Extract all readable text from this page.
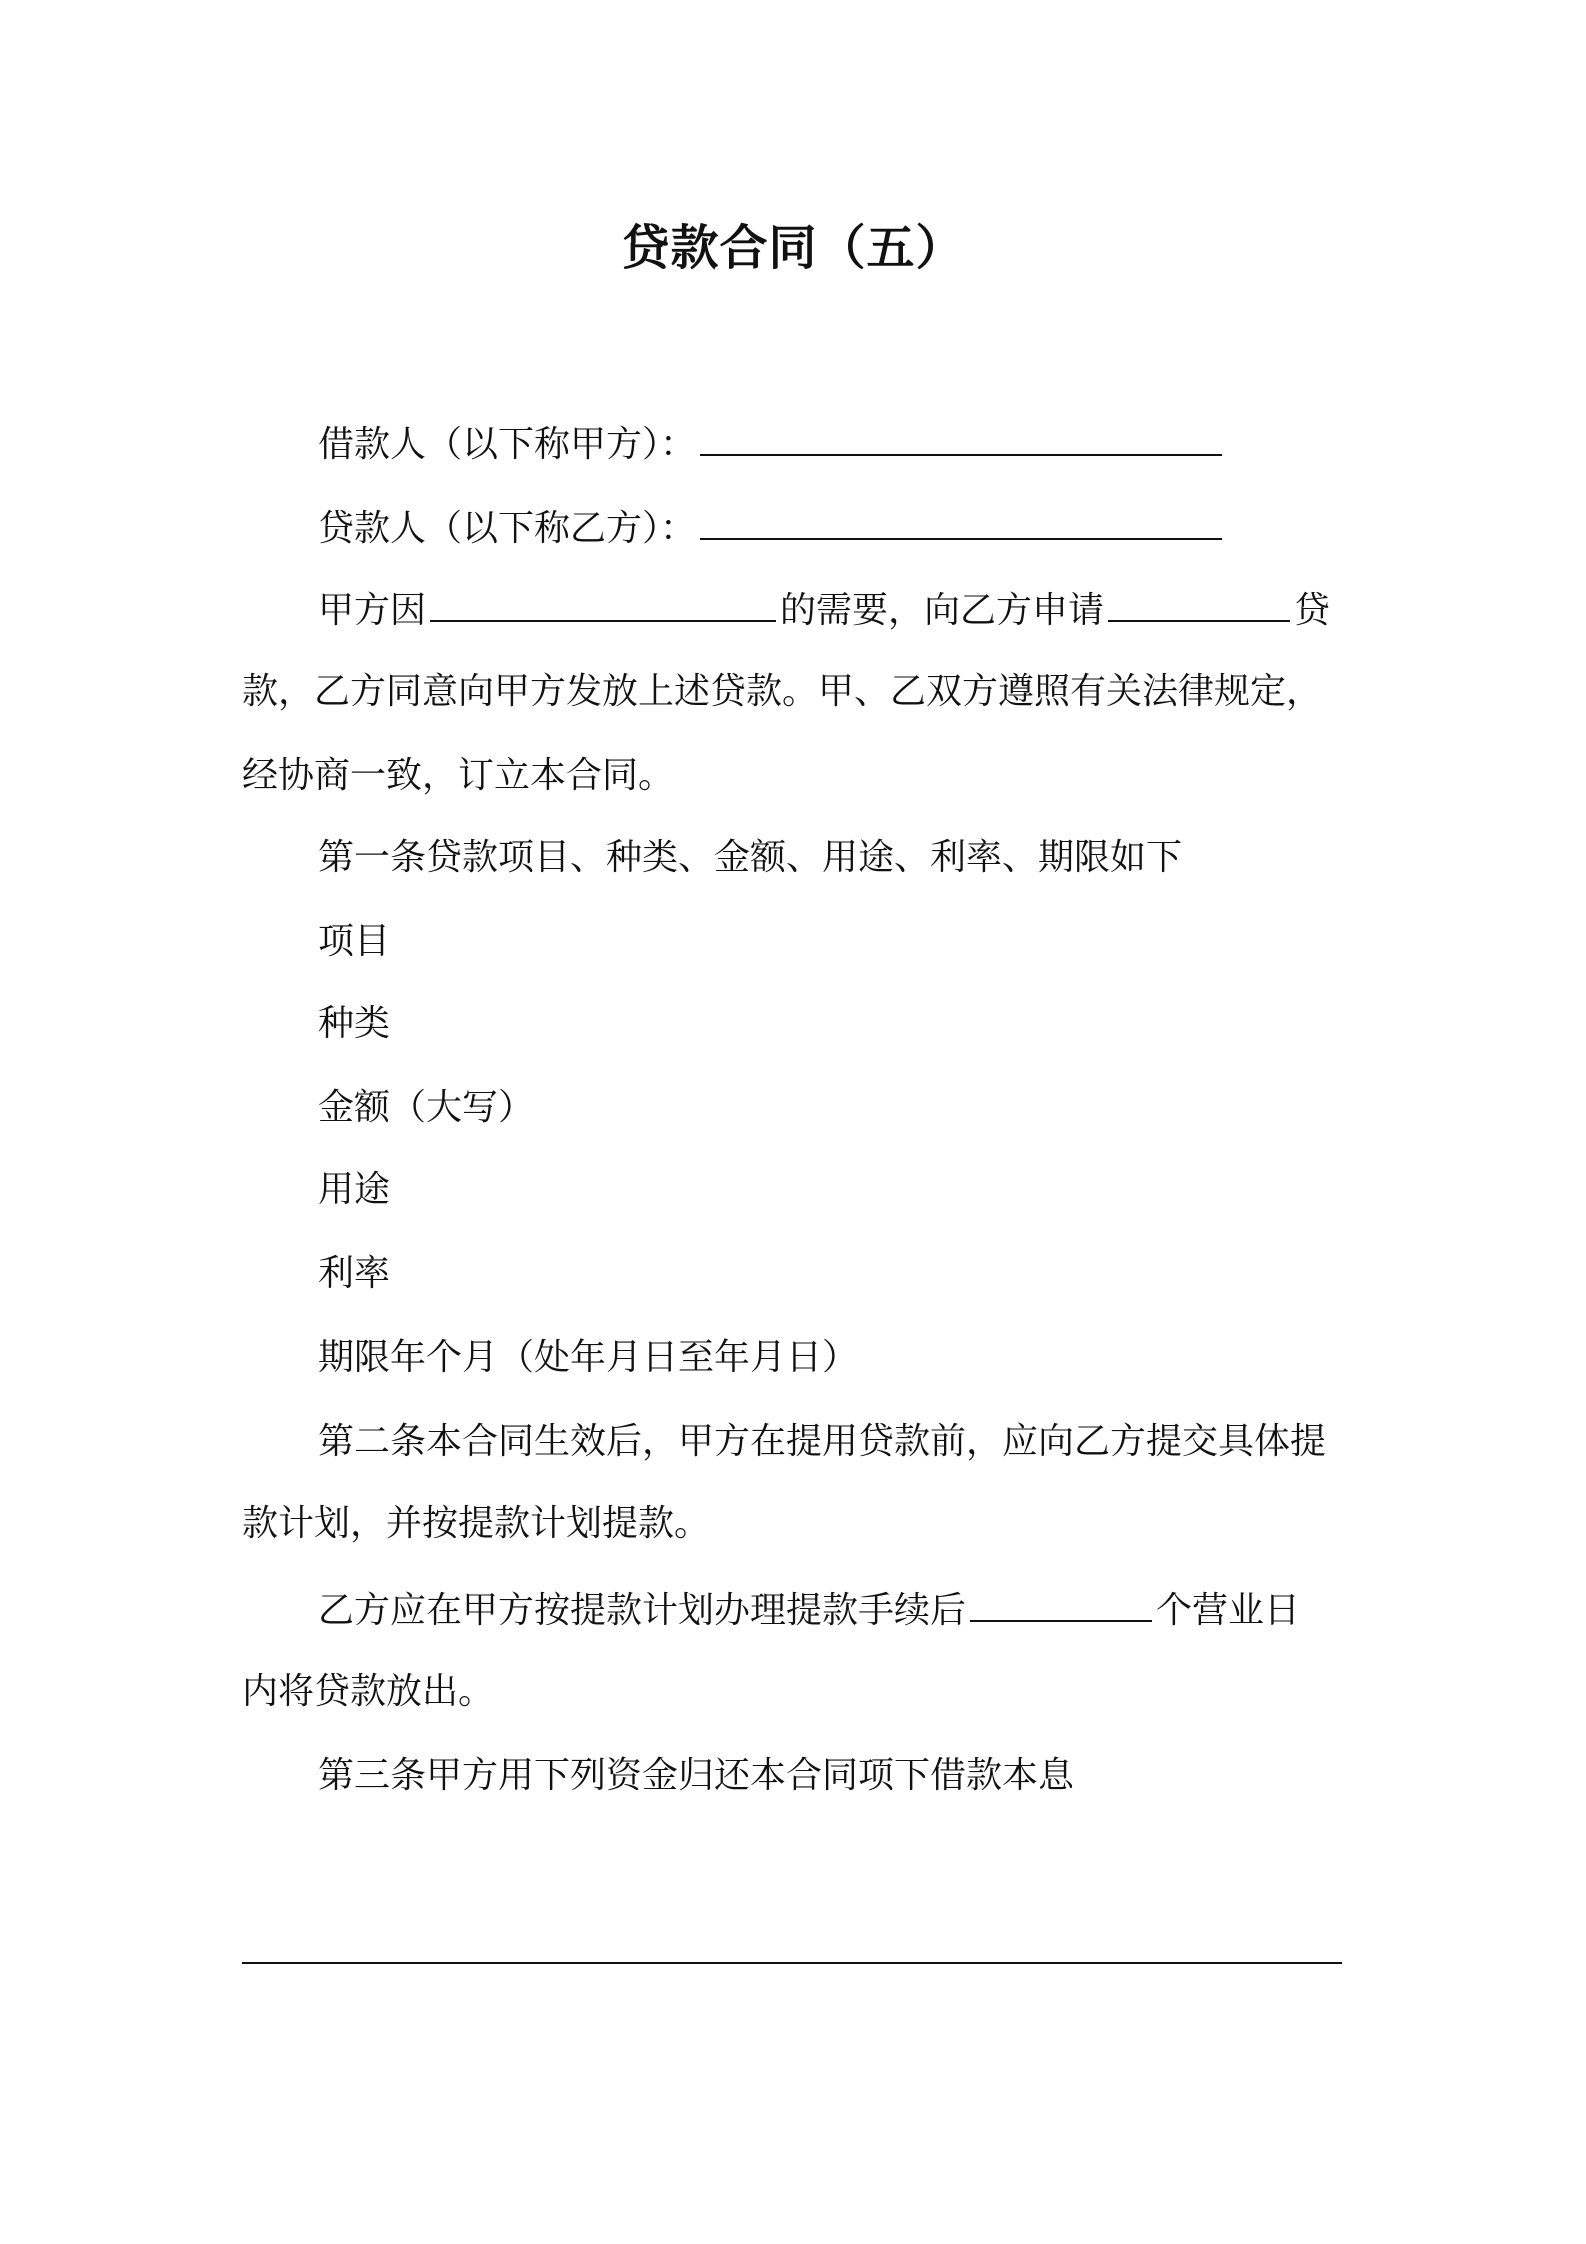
贷款合同（五）
借款人（以下称甲方）：
贷款人（以下称乙方）：
甲方因	的需要，向乙方申请	贷
款，乙方同意向甲方发放上述贷款。甲、乙双方遵照有关法律规定，
经协商一致，订立本合同。
第一条贷款项目、种类、金额、用途、利率、期限如下
项目
种类
金额（大写）
用途
利率
期限年个月（处年月日至年月日）
第二条本合同生效后，甲方在提用贷款前，应向乙方提交具体提
款计划，并按提款计划提款。
乙方应在甲方按提款计划办理提款手续后	个营业日
内将贷款放出。
第三条甲方用下列资金归还本合同项下借款本息
